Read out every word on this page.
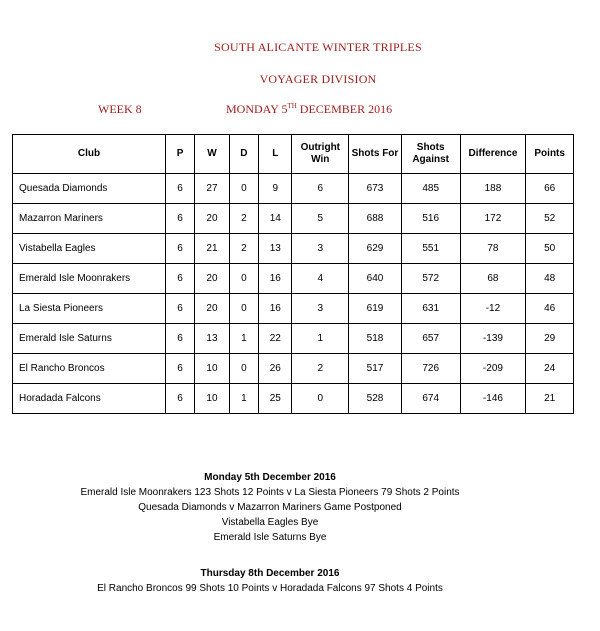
SOUTH ALICANTE WINTER TRIPLES
VOYAGER DIVISION
WEEK 8	MONDAY 5TH DECEMBER 2016
Club	P	W	D	L	Outright Win	Shots For	Shots Against	Difference	Points
Quesada Diamonds	6	27	0	9	6	673	485	188	66
Mazarron Mariners	6	20	2	14	5	688	516	172	52
Vistabella Eagles	6	21	2	13	3	629	551	78	50
Emerald Isle Moonrakers	6	20	0	16	4	640	572	68	48
La Siesta Pioneers	6	20	0	16	3	619	631	-12	46
Emerald Isle Saturns	6	13	1	22	1	518	657	-139	29
El Rancho Broncos	6	10	0	26	2	517	726	-209	24
Horadada Falcons	6	10	1	25	0	528	674	-146	21
Monday 5th December 2016
Emerald Isle Moonrakers 123 Shots 12 Points v La Siesta Pioneers 79 Shots 2 Points
Quesada Diamonds v Mazarron Mariners Game Postponed
Vistabella Eagles Bye
Emerald Isle Saturns Bye
Thursday 8th December 2016
El Rancho Broncos 99 Shots 10 Points v Horadada Falcons 97 Shots 4 Points
